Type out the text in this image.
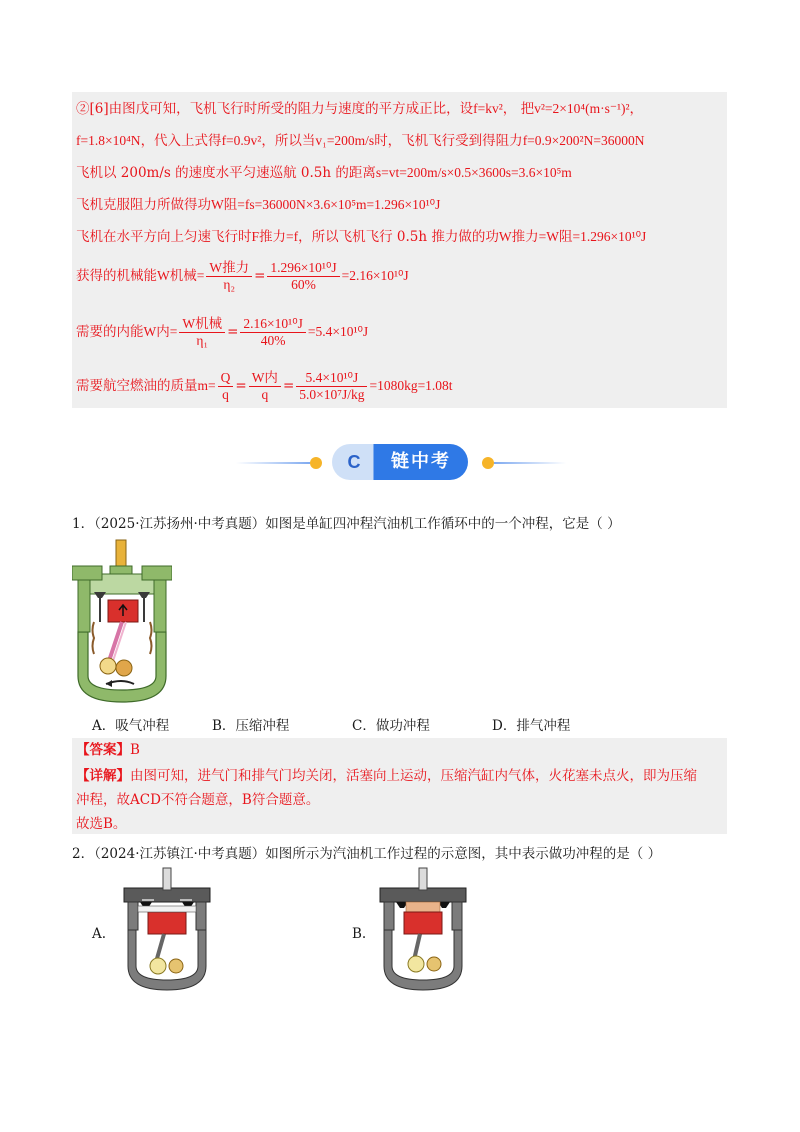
②[6]由图戊可知，飞机飞行时所受的阻力与速度的平方成正比，设f=kv²， 把v²=2×10⁴(m·s⁻¹)²，
f=1.8×10⁴N，代入上式得f=0.9v²，所以当v₁=200m/s时，飞机飞行受到得阻力f=0.9×200²N=36000N
飞机以 200m/s 的速度水平匀速巡航 0.5h 的距离s=vt=200m/s×0.5×3600s=3.6×10⁵m
飞机克服阻力所做得功W阻=fs=36000N×3.6×10⁵m=1.296×10¹⁰J
飞机在水平方向上匀速飞行时F推力=f，所以飞机飞行 0.5h 推力做的功W推力=W阻=1.296×10¹⁰J
获得的机械能W机械= $\frac{\text{W推力}}{\text{η₂}} = \frac{\text{1.296×10¹⁰J}}{60\%} =2.16\times 10^{10}J$
需要的内能W内= $\frac{\text{W机械}}{\text{η₁}} = \frac{\text{2.16×10¹⁰J}}{40\%} =5.4\times 10^{10}J$
需要航空燃油的质量$m= \frac{Q}{q} = \frac{\text{W内}}{q} = \frac{\text{5.4×10¹⁰J}}{\text{5.0×10⁷J/kg}} =1080kg=1.08t$
C	链中考
1．（2025·江苏扬州·中考真题）如图是单缸四冲程汽油机工作循环中的一个冲程，它是（ ）
A．吸气冲程	B．压缩冲程	C．做功冲程	D．排气冲程
【答案】B
【详解】由图可知，进气门和排气门均关闭，活塞向上运动，压缩汽缸内气体，火花塞未点火，即为压缩
冲程，故ACD不符合题意，B符合题意。
故选B。
2．（2024·江苏镇江·中考真题）如图所示为汽油机工作过程的示意图，其中表示做功冲程的是（ ）
A.	B.
